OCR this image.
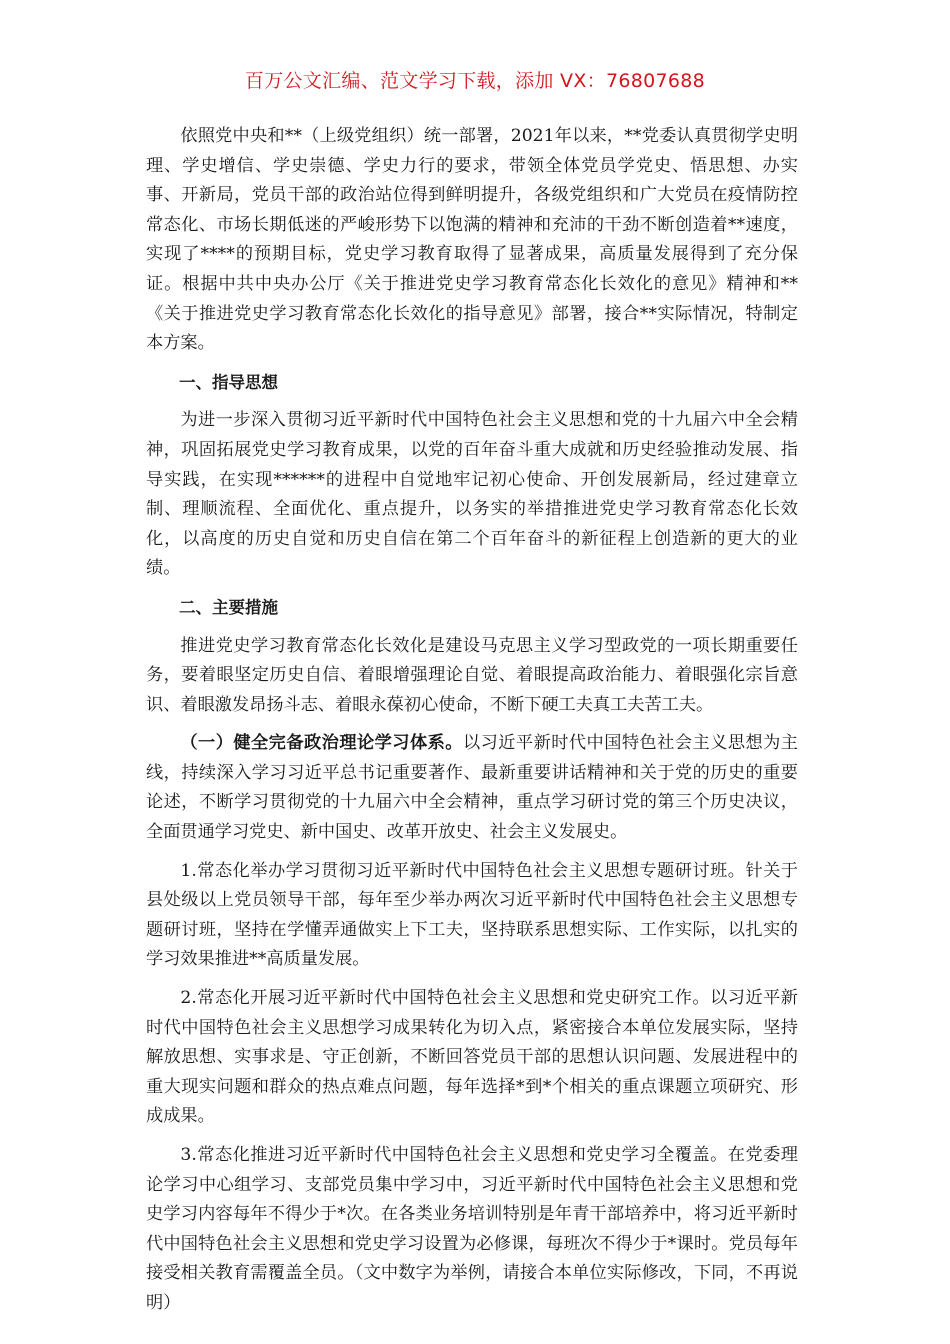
百万公文汇编、范文学习下载，添加 VX：76807688

依照党中央和**（上级党组织）统一部署，2021年以来，**党委认真贯彻学史明理、学史增信、学史崇德、学史力行的要求，带领全体党员学党史、悟思想、办实事、开新局，党员干部的政治站位得到鲜明提升，各级党组织和广大党员在疫情防控常态化、市场长期低迷的严峻形势下以饱满的精神和充沛的干劲不断创造着**速度，实现了****的预期目标，党史学习教育取得了显著成果，高质量发展得到了充分保证。根据中共中央办公厅《关于推进党史学习教育常态化长效化的意见》精神和**《关于推进党史学习教育常态化长效化的指导意见》部署，接合**实际情况，特制定本方案。

一、指导思想

为进一步深入贯彻习近平新时代中国特色社会主义思想和党的十九届六中全会精神，巩固拓展党史学习教育成果，以党的百年奋斗重大成就和历史经验推动发展、指导实践，在实现******的进程中自觉地牢记初心使命、开创发展新局，经过建章立制、理顺流程、全面优化、重点提升，以务实的举措推进党史学习教育常态化长效化，以高度的历史自觉和历史自信在第二个百年奋斗的新征程上创造新的更大的业绩。

二、主要措施

推进党史学习教育常态化长效化是建设马克思主义学习型政党的一项长期重要任务，要着眼坚定历史自信、着眼增强理论自觉、着眼提高政治能力、着眼强化宗旨意识、着眼激发昂扬斗志、着眼永葆初心使命，不断下硬工夫真工夫苦工夫。

（一）健全完备政治理论学习体系。以习近平新时代中国特色社会主义思想为主线，持续深入学习习近平总书记重要著作、最新重要讲话精神和关于党的历史的重要论述，不断学习贯彻党的十九届六中全会精神，重点学习研讨党的第三个历史决议，全面贯通学习党史、新中国史、改革开放史、社会主义发展史。

1.常态化举办学习贯彻习近平新时代中国特色社会主义思想专题研讨班。针关于县处级以上党员领导干部，每年至少举办两次习近平新时代中国特色社会主义思想专题研讨班，坚持在学懂弄通做实上下工夫，坚持联系思想实际、工作实际，以扎实的学习效果推进**高质量发展。

2.常态化开展习近平新时代中国特色社会主义思想和党史研究工作。以习近平新时代中国特色社会主义思想学习成果转化为切入点，紧密接合本单位发展实际，坚持解放思想、实事求是、守正创新，不断回答党员干部的思想认识问题、发展进程中的重大现实问题和群众的热点难点问题，每年选择*到*个相关的重点课题立项研究、形成成果。

3.常态化推进习近平新时代中国特色社会主义思想和党史学习全覆盖。在党委理论学习中心组学习、支部党员集中学习中，习近平新时代中国特色社会主义思想和党史学习内容每年不得少于*次。在各类业务培训特别是年青干部培养中，将习近平新时代中国特色社会主义思想和党史学习设置为必修课，每班次不得少于*课时。党员每年接受相关教育需覆盖全员。（文中数字为举例，请接合本单位实际修改，下同，不再说明）
